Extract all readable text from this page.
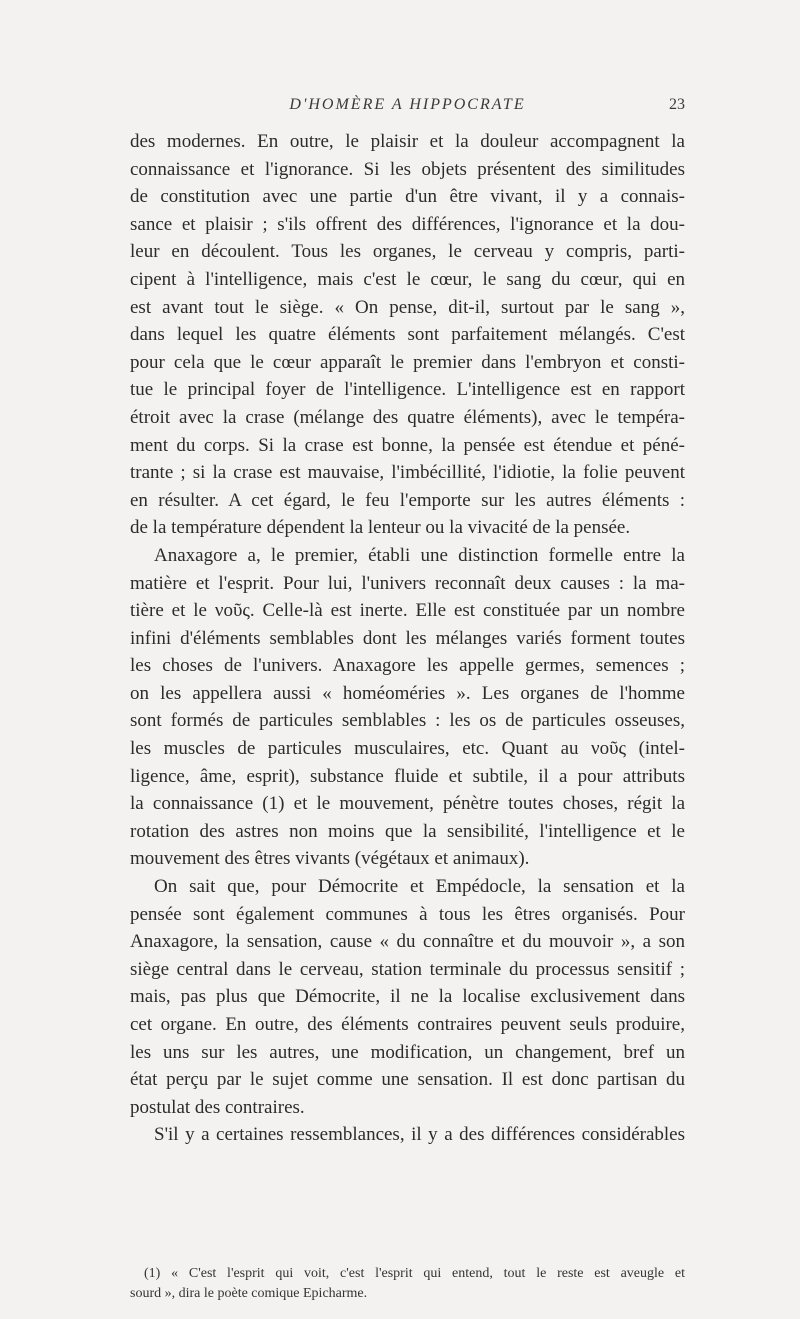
D'HOMÈRE A HIPPOCRATE	23
des modernes. En outre, le plaisir et la douleur accompagnent la
connaissance et l'ignorance. Si les objets présentent des similitudes
de constitution avec une partie d'un être vivant, il y a connais-
sance et plaisir ; s'ils offrent des différences, l'ignorance et la dou-
leur en découlent. Tous les organes, le cerveau y compris, parti-
cipent à l'intelligence, mais c'est le cœur, le sang du cœur, qui en
est avant tout le siège. « On pense, dit-il, surtout par le sang »,
dans lequel les quatre éléments sont parfaitement mélangés. C'est
pour cela que le cœur apparaît le premier dans l'embryon et consti-
tue le principal foyer de l'intelligence. L'intelligence est en rapport
étroit avec la crase (mélange des quatre éléments), avec le tempéra-
ment du corps. Si la crase est bonne, la pensée est étendue et péné-
trante ; si la crase est mauvaise, l'imbécillité, l'idiotie, la folie peuvent
en résulter. A cet égard, le feu l'emporte sur les autres éléments :
de la température dépendent la lenteur ou la vivacité de la pensée.
Anaxagore a, le premier, établi une distinction formelle entre la
matière et l'esprit. Pour lui, l'univers reconnaît deux causes : la ma-
tière et le νοῦς. Celle-là est inerte. Elle est constituée par un nombre
infini d'éléments semblables dont les mélanges variés forment toutes
les choses de l'univers. Anaxagore les appelle germes, semences ;
on les appellera aussi « homéoméries ». Les organes de l'homme
sont formés de particules semblables : les os de particules osseuses,
les muscles de particules musculaires, etc. Quant au νοῦς (intel-
ligence, âme, esprit), substance fluide et subtile, il a pour attributs
la connaissance (1) et le mouvement, pénètre toutes choses, régit la
rotation des astres non moins que la sensibilité, l'intelligence et le
mouvement des êtres vivants (végétaux et animaux).
On sait que, pour Démocrite et Empédocle, la sensation et la
pensée sont également communes à tous les êtres organisés. Pour
Anaxagore, la sensation, cause « du connaître et du mouvoir », a son
siège central dans le cerveau, station terminale du processus sensitif ;
mais, pas plus que Démocrite, il ne la localise exclusivement dans
cet organe. En outre, des éléments contraires peuvent seuls produire,
les uns sur les autres, une modification, un changement, bref un
état perçu par le sujet comme une sensation. Il est donc partisan du
postulat des contraires.
S'il y a certaines ressemblances, il y a des différences considérables
(1) « C'est l'esprit qui voit, c'est l'esprit qui entend, tout le reste est aveugle et
sourd », dira le poète comique Epicharme.
